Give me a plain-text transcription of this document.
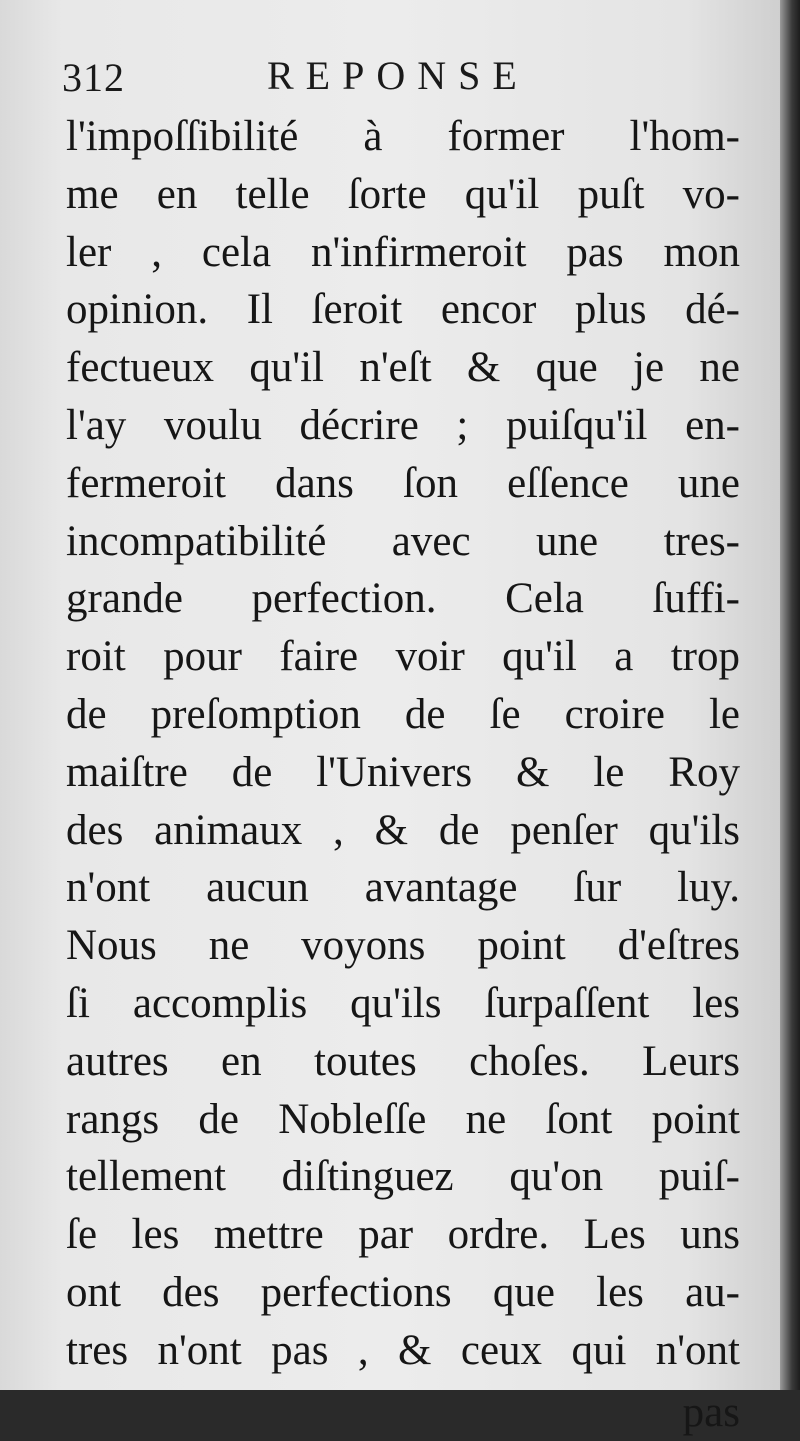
312	REPONSE
l'impoſſibilité à former l'hom-
me en telle ſorte qu'il puſt vo-
ler , cela n'infirmeroit pas mon
opinion. Il ſeroit encor plus dé-
fectueux qu'il n'eſt & que je ne
l'ay voulu décrire ; puiſqu'il en-
fermeroit dans ſon eſſence une
incompatibilité avec une tres-
grande perfection. Cela ſuffi-
roit pour faire voir qu'il a trop
de preſomption de ſe croire le
maiſtre de l'Univers & le Roy
des animaux , & de penſer qu'ils
n'ont aucun avantage ſur luy.
Nous ne voyons point d'eſtres
ſi accomplis qu'ils ſurpaſſent les
autres en toutes choſes. Leurs
rangs de Nobleſſe ne ſont point
tellement diſtinguez qu'on puiſ-
ſe les mettre par ordre. Les uns
ont des perfections que les au-
tres n'ont pas , & ceux qui n'ont
pas
